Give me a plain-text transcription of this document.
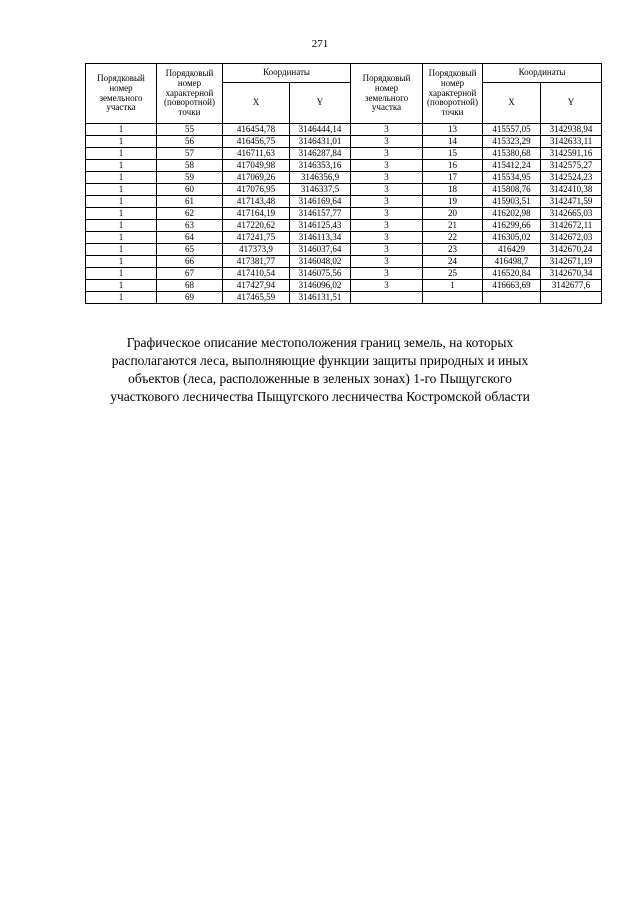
271
Порядковый номер земельного участка	Порядковый номер характерной (поворотной) точки	Координаты		Порядковый номер земельного участка	Порядковый номер характерной (поворотной) точки	Координаты	
		X	Y			X	Y
1	55	416454,78	3146444,14	3	13	415557,05	3142938,94
1	56	416456,75	3146431,01	3	14	415323,29	3142633,11
1	57	416711,63	3146287,84	3	15	415380,68	3142591,16
1	58	417049,98	3146353,16	3	16	415412,24	3142575,27
1	59	417069,26	3146356,9	3	17	415534,95	3142524,23
1	60	417076,95	3146337,5	3	18	415808,76	3142410,38
1	61	417143,48	3146169,64	3	19	415903,51	3142471,59
1	62	417164,19	3146157,77	3	20	416202,98	3142665,03
1	63	417220,62	3146125,43	3	21	416299,66	3142672,11
1	64	417241,75	3146113,34	3	22	416305,02	3142672,03
1	65	417373,9	3146037,64	3	23	416429	3142670,24
1	66	417381,77	3146048,02	3	24	416498,7	3142671,19
1	67	417410,54	3146075,56	3	25	416520,84	3142670,34
1	68	417427,94	3146096,02	3	1	416663,69	3142677,6
1	69	417465,59	3146131,51				
Графическое описание местоположения границ земель, на которых
располагаются леса, выполняющие функции защиты природных и иных
объектов (леса, расположенные в зеленых зонах) 1-го Пыщугского
участкового лесничества Пыщугского лесничества Костромской области
